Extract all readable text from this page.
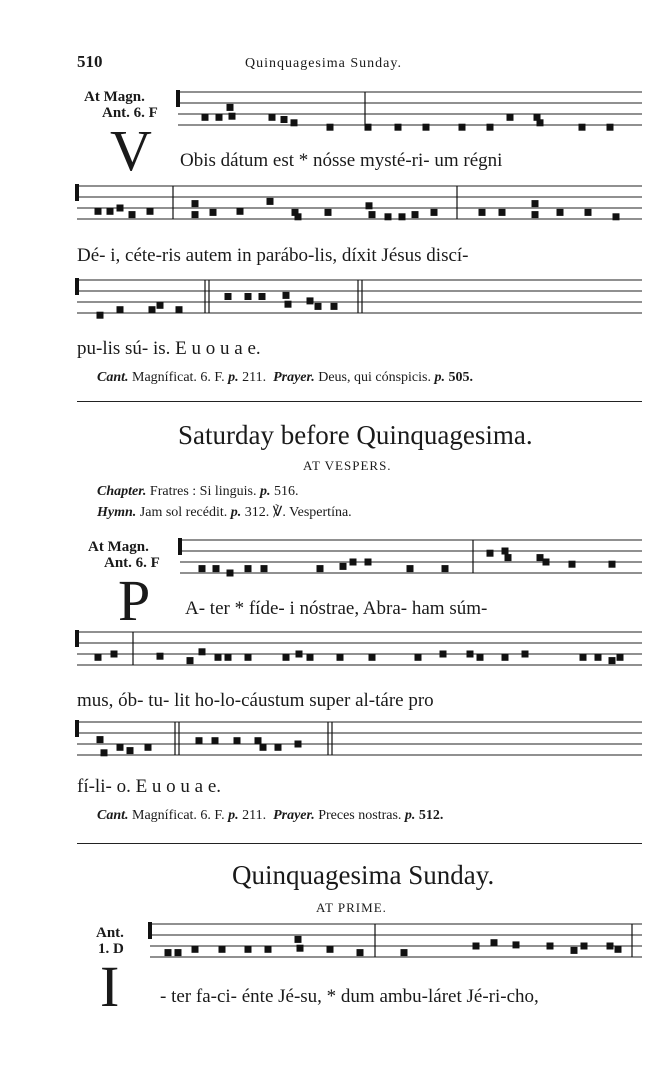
510	Quinquagesima Sunday.
At Magn.
Ant. 6. F
V Obis dátum est * nósse mysté-ri- um régni
Dé- i, céte-ris autem in parábo-lis, díxit Jésus discí-
pu-lis sú- is. E u o u a e.
Cant. Magníficat. 6. F. p. 211. Prayer. Deus, qui cónspicis. p. 505.
Saturday before Quinquagesima.
AT VESPERS.
Chapter. Fratres : Si linguis. p. 516.
Hymn. Jam sol recédit. p. 312. ℣. Vespertína.
At Magn.
Ant. 6. F
P A- ter * fíde- i nóstrae, Abra- ham súm-
mus, ób- tu- lit ho-lo-cáustum super al-táre pro
fí-li- o. E u o u a e.
Cant. Magníficat. 6. F. p. 211. Prayer. Preces nostras. p. 512.
Quinquagesima Sunday.
AT PRIME.
Ant.
1. D
I - ter fa-ci- énte Jé-su, * dum ambu-láret Jé-ri-cho,
